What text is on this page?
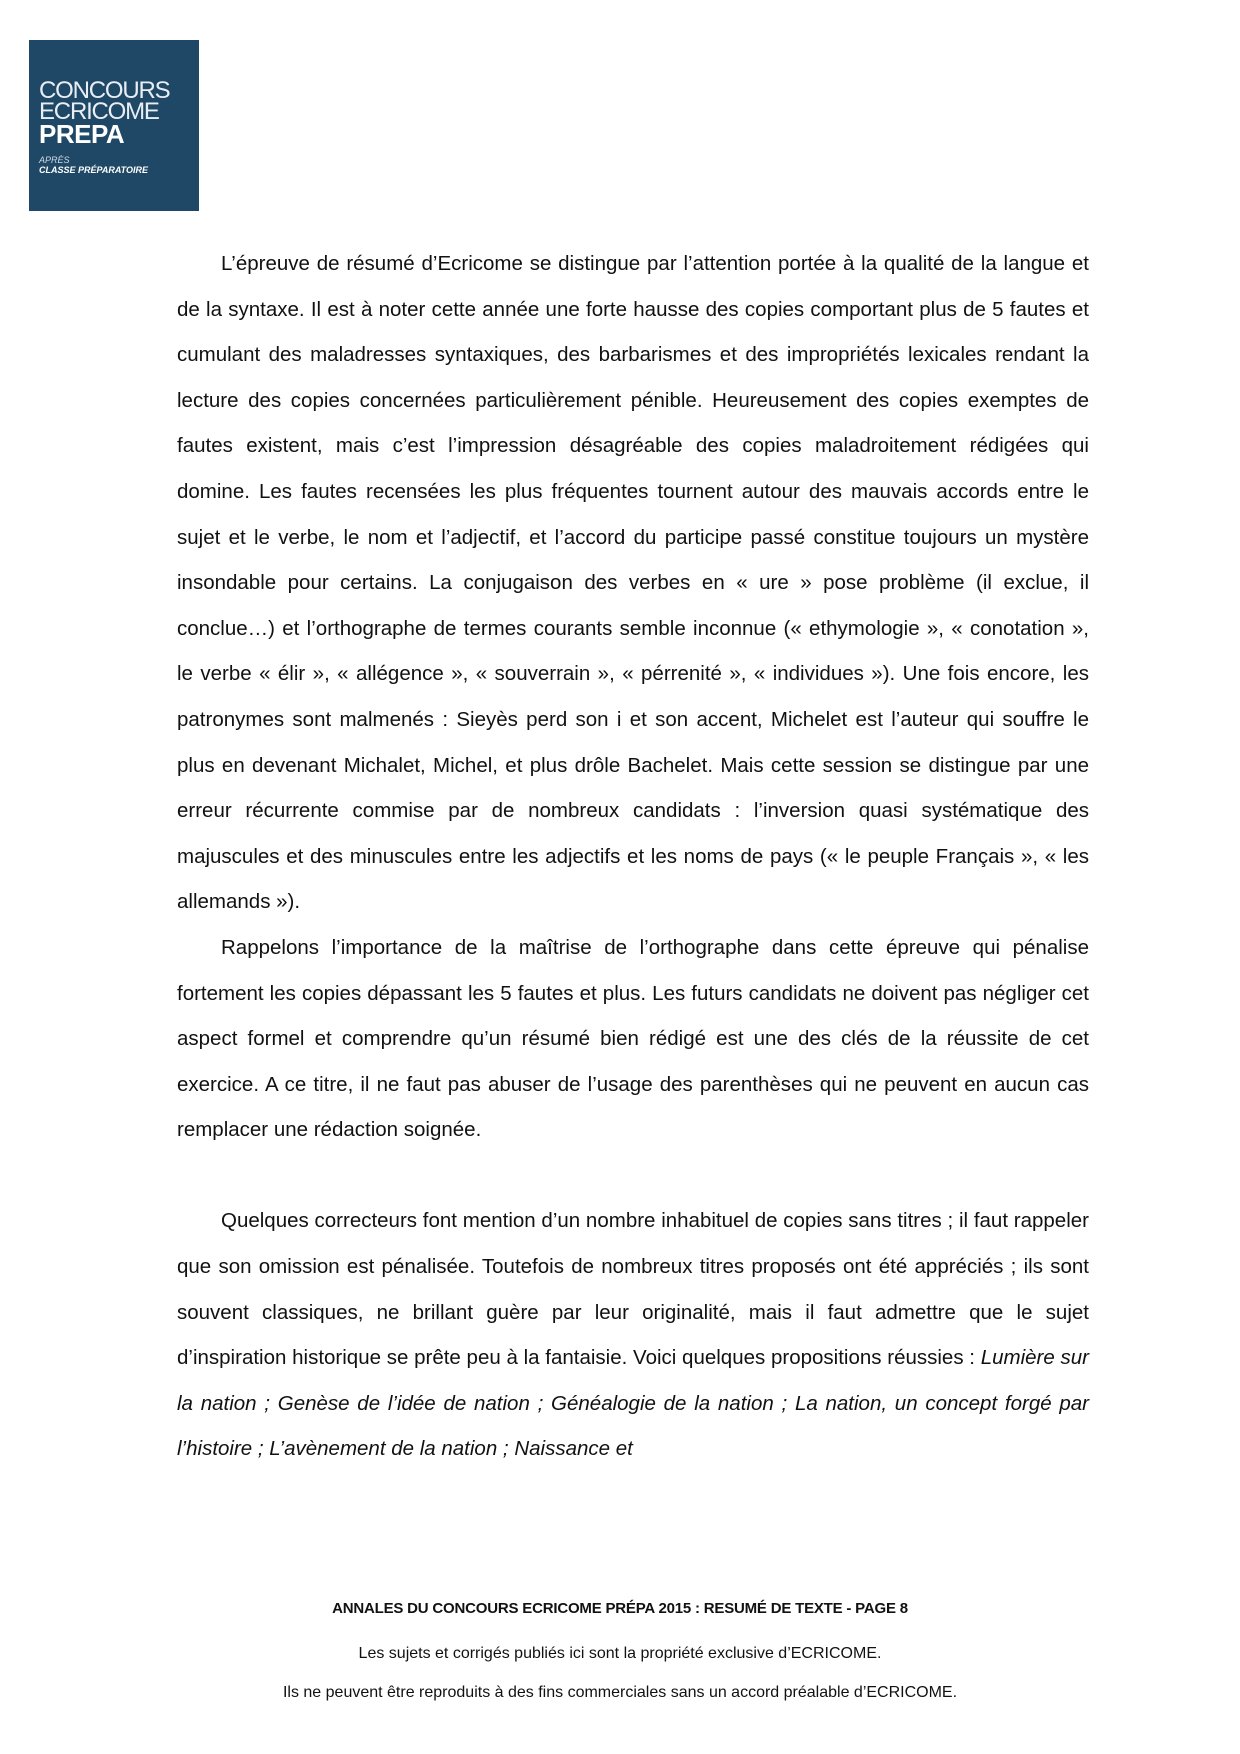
CONCOURS
ECRICOME
PREPA
APRÈS
CLASSE PRÉPARATOIRE

L’épreuve de résumé d’Ecricome se distingue par l’attention portée à la qualité de la langue et de la syntaxe. Il est à noter cette année une forte hausse des copies comportant plus de 5 fautes et cumulant des maladresses syntaxiques, des barbarismes et des impropriétés lexicales rendant la lecture des copies concernées particulièrement pénible. Heureusement des copies exemptes de fautes existent, mais c’est l’impression désagréable des copies maladroitement rédigées qui domine. Les fautes recensées les plus fréquentes tournent autour des mauvais accords entre le sujet et le verbe, le nom et l’adjectif, et l’accord du participe passé constitue toujours un mystère insondable pour certains. La conjugaison des verbes en « ure » pose problème (il exclue, il conclue…) et l’orthographe de termes courants semble inconnue (« ethymologie », « conotation », le verbe « élir », « allégence », « souverrain », « pérrenité », « individues »). Une fois encore, les patronymes sont malmenés : Sieyès perd son i et son accent, Michelet est l’auteur qui souffre le plus en devenant Michalet, Michel, et plus drôle Bachelet. Mais cette session se distingue par une erreur récurrente commise par de nombreux candidats : l’inversion quasi systématique des majuscules et des minuscules entre les adjectifs et les noms de pays (« le peuple Français », « les allemands »).

Rappelons l’importance de la maîtrise de l’orthographe dans cette épreuve qui pénalise fortement les copies dépassant les 5 fautes et plus. Les futurs candidats ne doivent pas négliger cet aspect formel et comprendre qu’un résumé bien rédigé est une des clés de la réussite de cet exercice. A ce titre, il ne faut pas abuser de l’usage des parenthèses qui ne peuvent en aucun cas remplacer une rédaction soignée.

Quelques correcteurs font mention d’un nombre inhabituel de copies sans titres ; il faut rappeler que son omission est pénalisée. Toutefois de nombreux titres proposés ont été appréciés ; ils sont souvent classiques, ne brillant guère par leur originalité, mais il faut admettre que le sujet d’inspiration historique se prête peu à la fantaisie. Voici quelques propositions réussies : Lumière sur la nation ; Genèse de l’idée de nation ; Généalogie de la nation ; La nation, un concept forgé par l’histoire ; L’avènement de la nation ; Naissance et

ANNALES DU CONCOURS ECRICOME PRÉPA 2015 : RESUMÉ DE TEXTE - PAGE 8
Les sujets et corrigés publiés ici sont la propriété exclusive d’ECRICOME.
Ils ne peuvent être reproduits à des fins commerciales sans un accord préalable d’ECRICOME.
